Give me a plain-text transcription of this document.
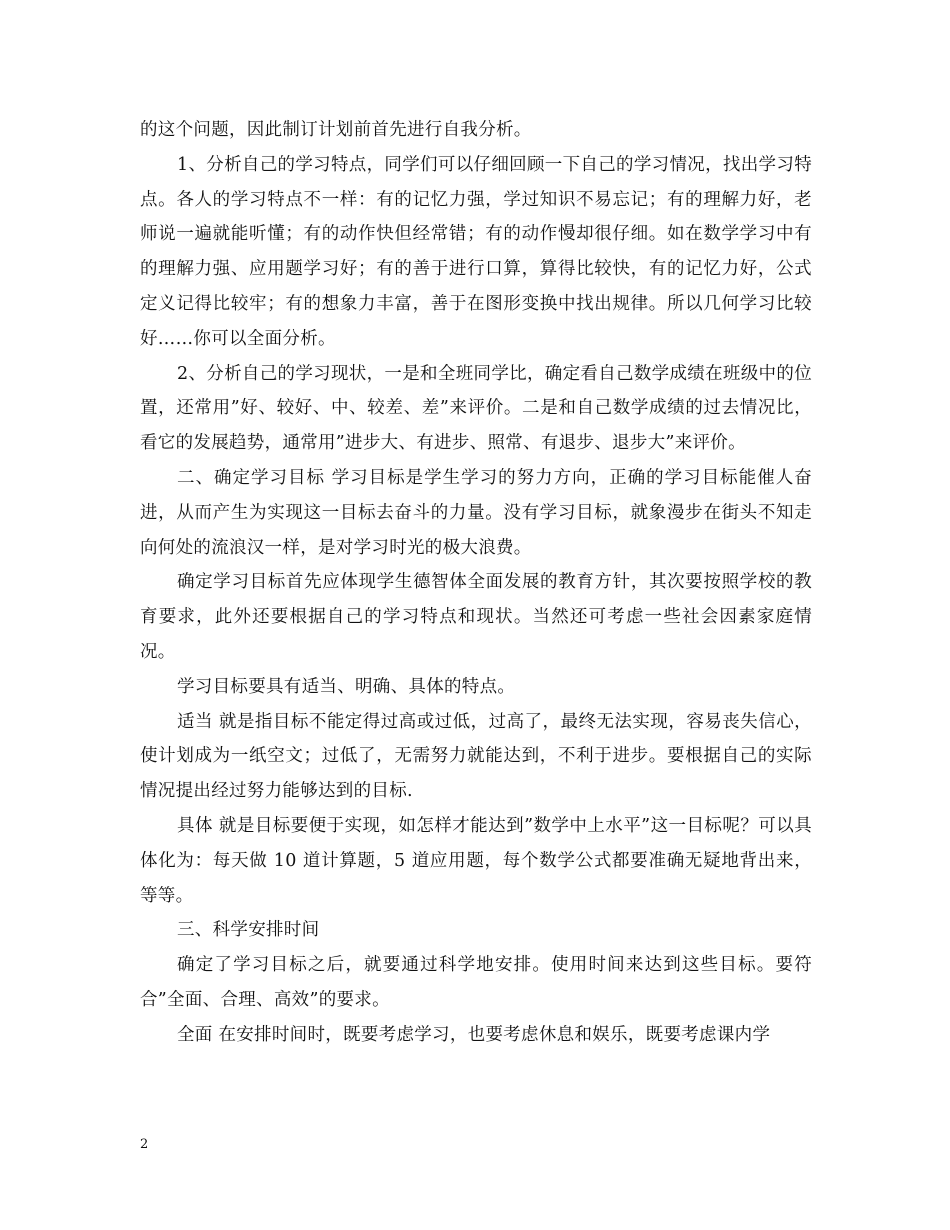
的这个问题，因此制订计划前首先进行自我分析。

1、分析自己的学习特点，同学们可以仔细回顾一下自己的学习情况，找出学习特点。各人的学习特点不一样：有的记忆力强，学过知识不易忘记；有的理解力好，老师说一遍就能听懂；有的动作快但经常错；有的动作慢却很仔细。如在数学学习中有的理解力强、应用题学习好；有的善于进行口算，算得比较快，有的记忆力好，公式定义记得比较牢；有的想象力丰富，善于在图形变换中找出规律。所以几何学习比较好……你可以全面分析。

2、分析自己的学习现状，一是和全班同学比，确定看自己数学成绩在班级中的位置，还常用”好、较好、中、较差、差”来评价。二是和自己数学成绩的过去情况比，看它的发展趋势，通常用”进步大、有进步、照常、有退步、退步大”来评价。

二、确定学习目标 学习目标是学生学习的努力方向，正确的学习目标能催人奋进，从而产生为实现这一目标去奋斗的力量。没有学习目标，就象漫步在街头不知走向何处的流浪汉一样，是对学习时光的极大浪费。

确定学习目标首先应体现学生德智体全面发展的教育方针，其次要按照学校的教育要求，此外还要根据自己的学习特点和现状。当然还可考虑一些社会因素家庭情况。

学习目标要具有适当、明确、具体的特点。

适当 就是指目标不能定得过高或过低，过高了，最终无法实现，容易丧失信心，使计划成为一纸空文；过低了，无需努力就能达到，不利于进步。要根据自己的实际情况提出经过努力能够达到的目标.

具体 就是目标要便于实现，如怎样才能达到”数学中上水平”这一目标呢？可以具体化为：每天做 10 道计算题，5 道应用题，每个数学公式都要准确无疑地背出来，等等。

三、科学安排时间

确定了学习目标之后，就要通过科学地安排。使用时间来达到这些目标。要符合”全面、合理、高效”的要求。

全面 在安排时间时，既要考虑学习，也要考虑休息和娱乐，既要考虑课内学

2
